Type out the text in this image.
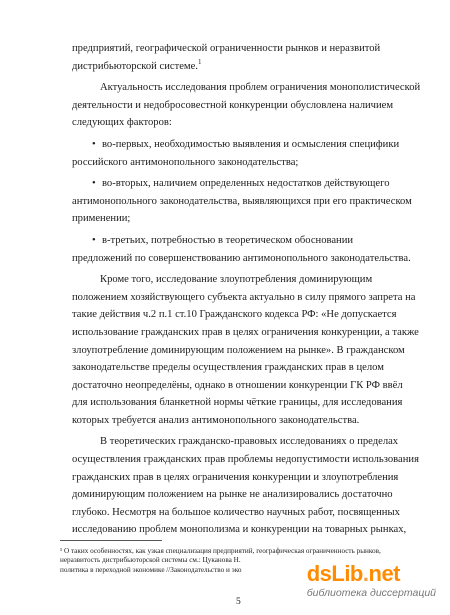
предприятий, географической ограниченности рынков и неразвитой
дистрибьюторской системе.$^1$
Актуальность исследования проблем ограничения монополистической
деятельности и недобросовестной конкуренции обусловлена наличием
следующих факторов:
• во-первых, необходимостью выявления и осмысления специфики
российского антимонопольного законодательства;
• во-вторых, наличием определенных недостатков действующего
антимонопольного законодательства, выявляющихся при его практическом
применении;
• в-третьих, потребностью в теоретическом обосновании
предложений по совершенствованию антимонопольного законодательства.
Кроме того, исследование злоупотребления доминирующим
положением хозяйствующего субъекта актуально в силу прямого запрета на
такие действия ч.2 п.1 ст.10 Гражданского кодекса РФ: «Не допускается
использование гражданских прав в целях ограничения конкуренции, а также
злоупотребление доминирующим положением на рынке». В гражданском
законодательстве пределы осуществления гражданских прав в целом
достаточно неопределёны, однако в отношении конкуренции ГК РФ ввёл
для использования бланкетной нормы чёткие границы, для исследования
которых требуется анализ антимонопольного законодательства.
В теоретических гражданско-правовых исследованиях о пределах
осуществления гражданских прав проблемы недопустимости использования
гражданских прав в целях ограничения конкуренции и злоупотребления
доминирующим положением на рынке не анализировались достаточно
глубоко. Несмотря на большое количество научных работ, посвященных
исследованию проблем монополизма и конкуренции на товарных рынках,
¹ О таких особенностях, как узкая специализация предприятий, географическая ограниченность рынков,
неразвитость дистрибьюторской системы см.: Цуканова Н.
политика в переходной экономике //Законодательство и эко
5
dsLib.net
библиотека диссертаций
